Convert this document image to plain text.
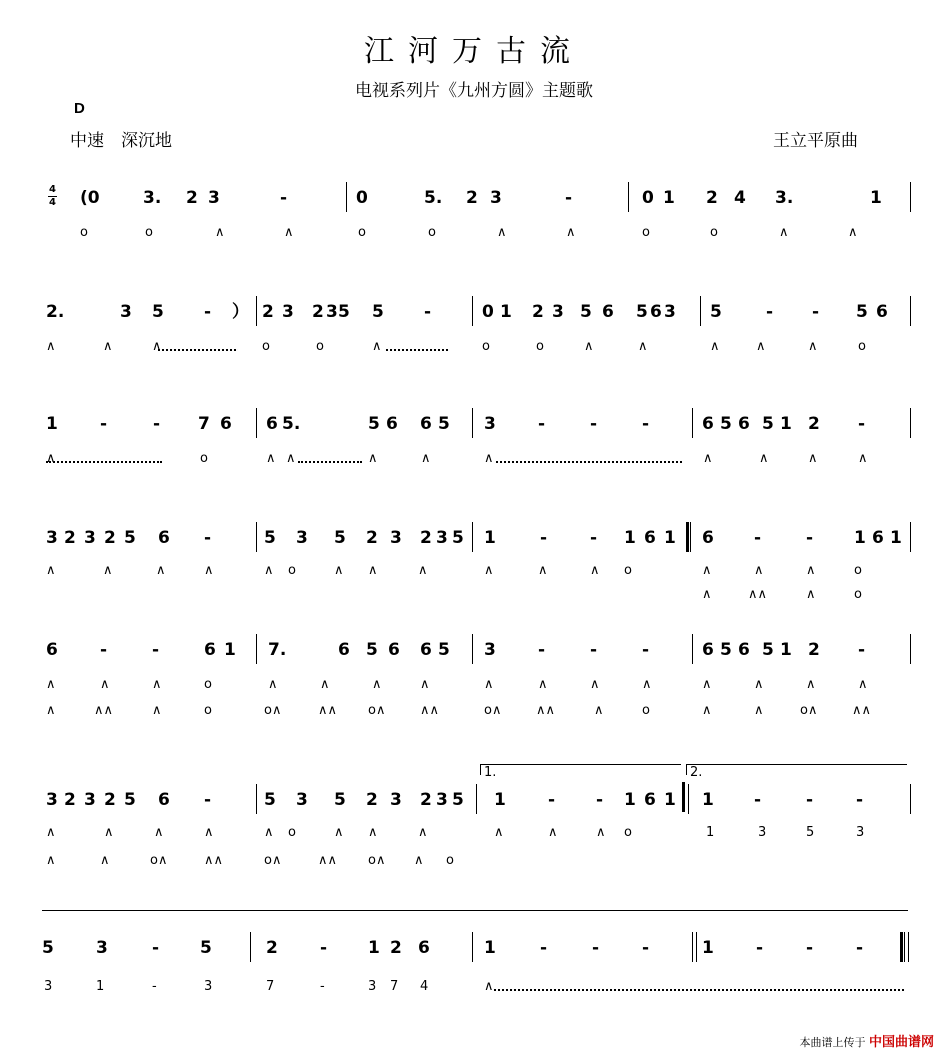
江河万古流
电视系列片《九州方圆》主题歌
D
中速　深沉地	王立平原曲
4
4 (0	3. 2 3	-	0	5. 2 3	-	0 1 2 4 3.	1
o	o	∧	∧	o	o	∧	∧	o	o	∧	∧
2.	3 5 - ） 2 3 2 3 5 5 -	0 1 2 3 5 6 5 6 3 5	- - 5 6
∧	∧	∧	o	o	∧	o	o	∧	∧	∧	∧	∧	o
1 -	- 7 6 6 5.	5 6 6 5 3 -	-	-	6 5 6 5 1 2 -
∧	o	∧ ∧	∧	∧	∧	∧	∧	∧	∧
3 2 3 2 5 6 -	5 3 5 2 3 2 3 5 1	-	- 1 6 1 6 -	- 1 6 1
∧	∧	∧	∧	∧ o	∧ ∧	∧	∧	∧	∧ o	∧	∧	∧	o
∧	∧∧	∧	o
6 -	-	6 1 7.	6 5 6 6 5 3 -	-	-	6 5 6 5 1 2 -
∧	∧	∧	o	∧	∧	∧	∧	∧	∧	∧	∧	∧	∧	∧	∧
∧	∧∧	∧	o	o∧	∧∧ o∧	∧∧	o∧	∧∧	∧	o	∧	∧	o∧	∧∧
3 2 3 2 5 6 -	5 3 5 2 3 2 3 5 1 - - 1 6 1 1 -	-	-
∧	∧	∧	∧	∧ o	∧ ∧	∧	∧	∧	∧ o	1	3	5	3
∧	∧	o∧	∧∧	o∧	∧∧ o∧ ∧ o
1.	2.
5 3	- 5	2 - 1 2 6	1	-	-	-	1 -	-	-
3	1	-	3	7	-	3 7 4	∧
本曲谱上传于 中国曲谱网
